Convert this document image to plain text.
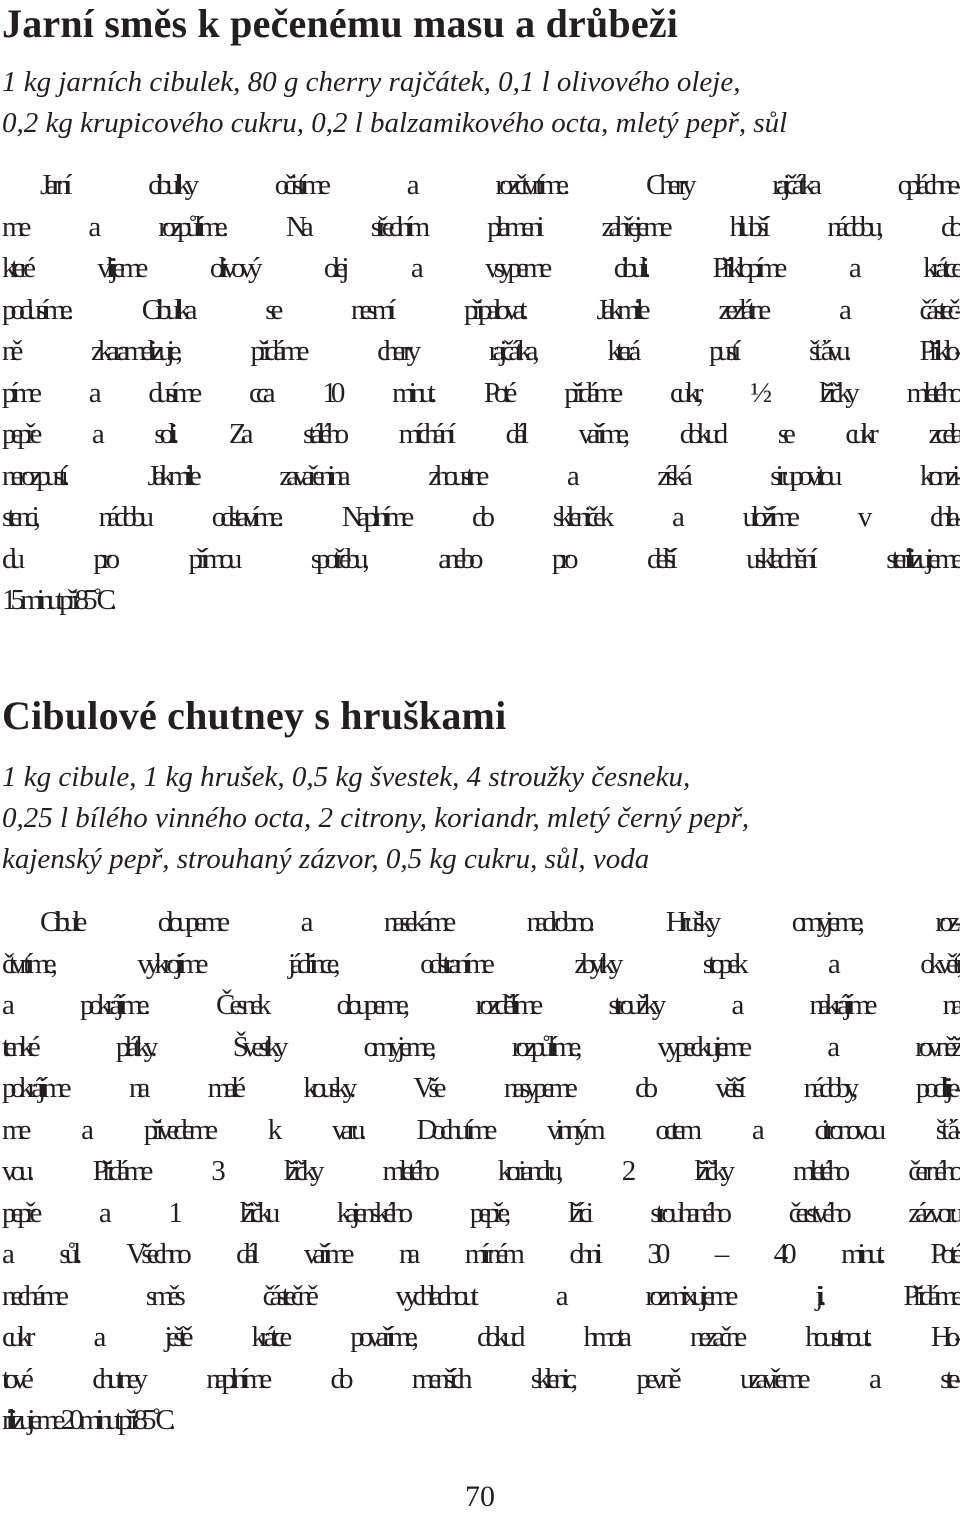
Jarní směs k pečenému masu a drůbeži
1 kg jarních cibulek, 80 g cherry rajčátek, 0,1 l olivového oleje,
0,2 kg krupicového cukru, 0,2 l balzamikového octa, mletý pepř, sůl
Jarní cibulky očistíme a rozčtvrtíme. Cherry rajčátka opláchne-
me a rozpůlíme. Na středním plameni zahřejeme hlubší nádobu, do
které vlijeme olivový olej a vsypeme cibuli. Přiklopíme a krátce
podusíme. Cibulka se nesmí připalovat. Jakmile zezlátne a částeč-
ně zkaramelizuje, přidáme cherry rajčátka, která pustí šťávu. Přiklo-
píme a dusíme cca 10 minut. Poté přidáme cukr, ½ lžičky mletého
pepře a soli. Za stálého míchání dál vaříme, dokud se cukr zcela
nerozpustí. Jakmile zavařenina zhoustne a získá sirupovitou konzi-
stenci, nádobu odstavíme. Naplníme do skleniček a uložíme v chla-
du pro přímou spotřebu, anebo pro delší uskladnění sterilizujeme
15 minut při 85 ˚C.
Cibulové chutney s hruškami
1 kg cibule, 1 kg hrušek, 0,5 kg švestek, 4 stroužky česneku,
0,25 l bílého vinného octa, 2 citrony, koriandr, mletý černý pepř,
kajenský pepř, strouhaný zázvor, 0,5 kg cukru, sůl, voda
Cibule oloupeme a nasekáme nadrobno. Hrušky omyjeme, roz-
čtvrtíme, vykrojíme jádřince, odstraníme zbytky stopek a okvětí,
a pokrájíme. Česnek oloupeme, rozdělíme stroužky a nakrájíme na
tenké plátky. Švestky omyjeme, rozpůlíme, vypeckujeme a rovněž
pokrájíme na malé kousky. Vše nasypeme do větší nádoby, podlije-
me a přivedeme k varu. Dochutíme vinným octem a citronovou šťá-
vou. Přidáme 3 lžičky mletého koriandru, 2 lžičky mletého černého
pepře a 1 lžičku kajenského pepře, lžíci strouhaného čerstvého zázvoru
a sůl. Všechno dál vaříme na mírném ohni 30 – 40 minut. Poté
necháme směs částečně vychladnout a rozmixujeme ji. Přidáme
cukr a ještě krátce povaříme, dokud hmota nezačne houstnout. Ho-
tové chutney naplníme do menších sklenic, pevně uzavřeme a ste-
rilizujeme 20 minut při 85 ˚C.
70
